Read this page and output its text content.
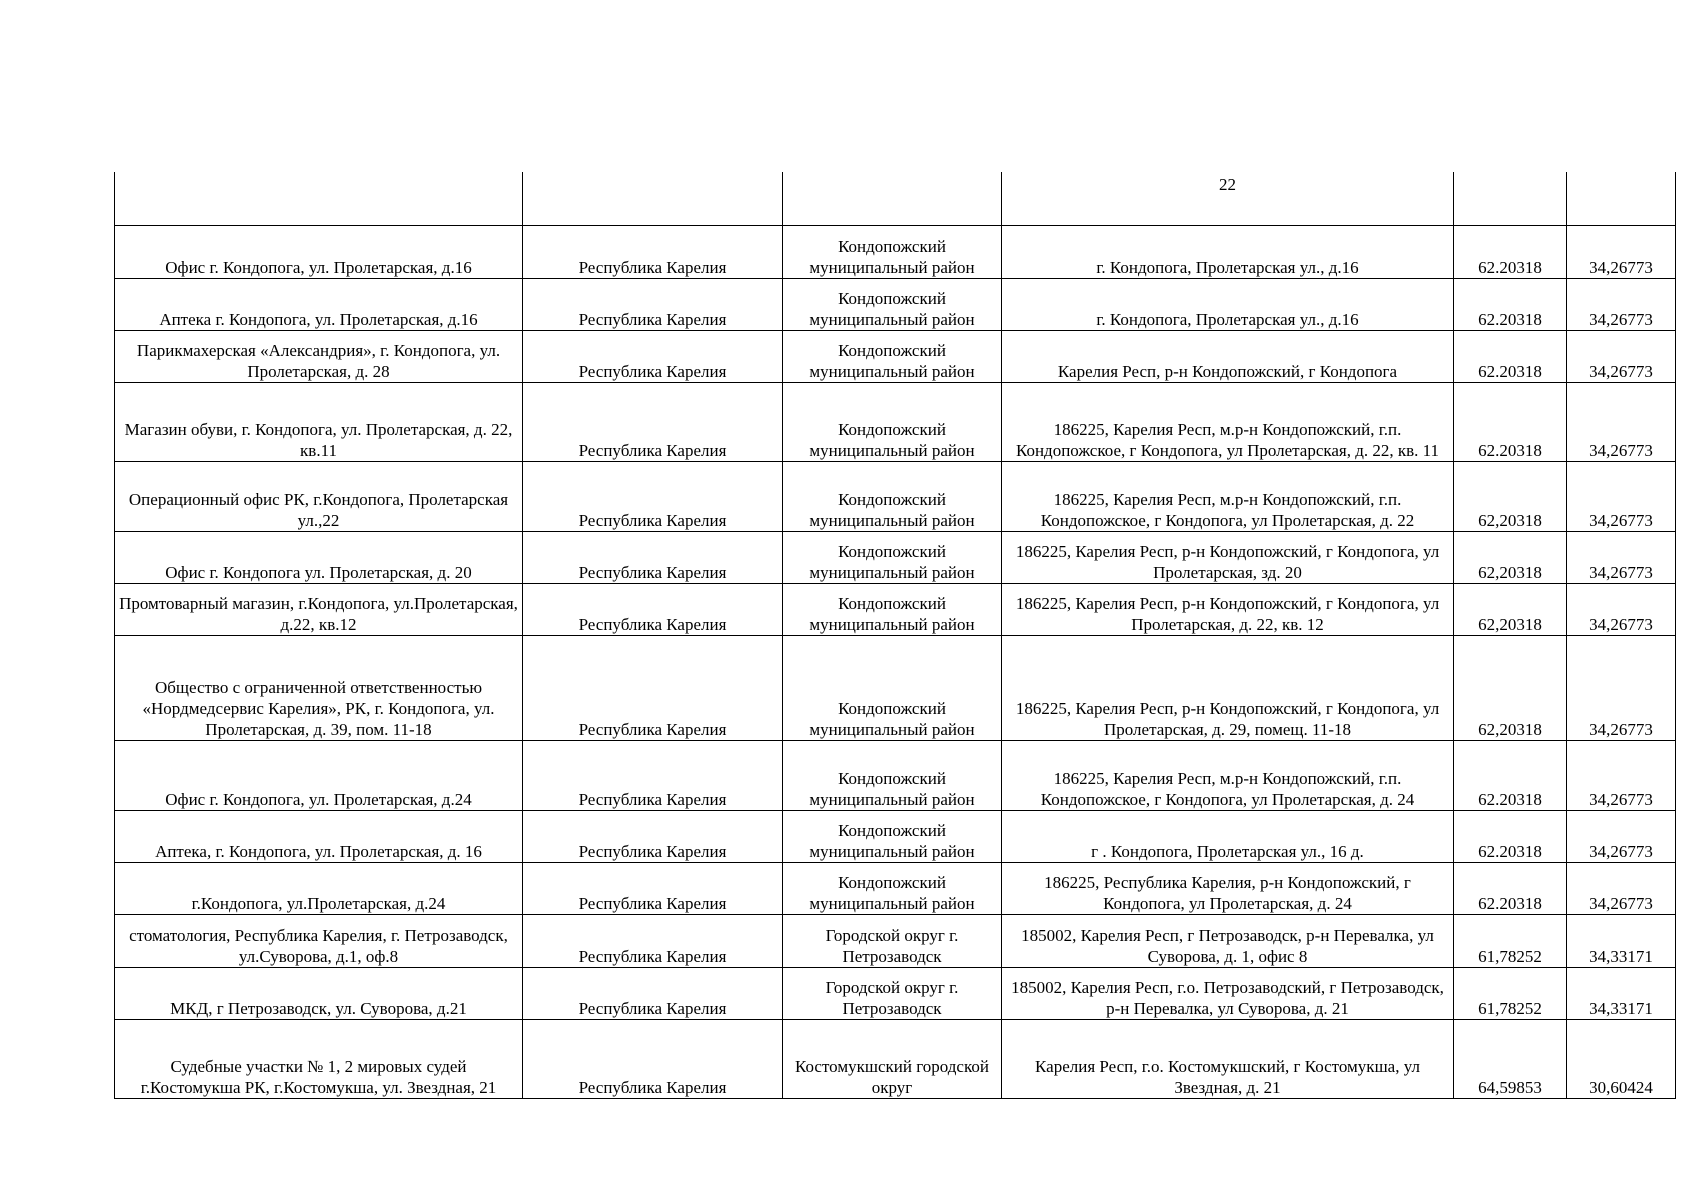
			22		
Офис г. Кондопога, ул. Пролетарская, д.16	Республика Карелия	Кондопожский муниципальный район	г. Кондопога, Пролетарская ул., д.16	62.20318	34,26773
Аптека г. Кондопога, ул. Пролетарская, д.16	Республика Карелия	Кондопожский муниципальный район	г. Кондопога, Пролетарская ул., д.16	62.20318	34,26773
Парикмахерская «Александрия», г. Кондопога, ул. Пролетарская, д. 28	Республика Карелия	Кондопожский муниципальный район	Карелия Респ, р-н Кондопожский, г Кондопога	62.20318	34,26773
Магазин обуви, г. Кондопога, ул. Пролетарская, д. 22, кв.11	Республика Карелия	Кондопожский муниципальный район	186225, Карелия Респ, м.р-н Кондопожский, г.п. Кондопожское, г Кондопога, ул Пролетарская, д. 22, кв. 11	62.20318	34,26773
Операционный офис РК, г.Кондопога, Пролетарская ул.,22	Республика Карелия	Кондопожский муниципальный район	186225, Карелия Респ, м.р-н Кондопожский, г.п. Кондопожское, г Кондопога, ул Пролетарская, д. 22	62,20318	34,26773
Офис г. Кондопога ул. Пролетарская, д. 20	Республика Карелия	Кондопожский муниципальный район	186225, Карелия Респ, р-н Кондопожский, г Кондопога, ул Пролетарская, зд. 20	62,20318	34,26773
Промтоварный магазин, г.Кондопога, ул.Пролетарская, д.22, кв.12	Республика Карелия	Кондопожский муниципальный район	186225, Карелия Респ, р-н Кондопожский, г Кондопога, ул Пролетарская, д. 22, кв. 12	62,20318	34,26773
Общество с ограниченной ответственностью «Нордмедсервис Карелия», РК, г. Кондопога, ул. Пролетарская, д. 39, пом. 11-18	Республика Карелия	Кондопожский муниципальный район	186225, Карелия Респ, р-н Кондопожский, г Кондопога, ул Пролетарская, д. 29, помещ. 11-18	62,20318	34,26773
Офис г. Кондопога, ул. Пролетарская, д.24	Республика Карелия	Кондопожский муниципальный район	186225, Карелия Респ, м.р-н Кондопожский, г.п. Кондопожское, г Кондопога, ул Пролетарская, д. 24	62.20318	34,26773
Аптека, г. Кондопога, ул. Пролетарская, д. 16	Республика Карелия	Кондопожский муниципальный район	г . Кондопога, Пролетарская ул., 16 д.	62.20318	34,26773
г.Кондопога, ул.Пролетарская, д.24	Республика Карелия	Кондопожский муниципальный район	186225, Республика Карелия, р-н Кондопожский, г Кондопога, ул Пролетарская, д. 24	62.20318	34,26773
стоматология, Республика Карелия, г. Петрозаводск, ул.Суворова, д.1, оф.8	Республика Карелия	Городской округ г. Петрозаводск	185002, Карелия Респ, г Петрозаводск, р-н Перевалка, ул Суворова, д. 1, офис 8	61,78252	34,33171
МКД, г Петрозаводск, ул. Суворова, д.21	Республика Карелия	Городской округ г. Петрозаводск	185002, Карелия Респ, г.о. Петрозаводский, г Петрозаводск, р-н Перевалка, ул Суворова, д. 21	61,78252	34,33171
Судебные участки № 1, 2 мировых судей г.Костомукша РК, г.Костомукша, ул. Звездная, 21	Республика Карелия	Костомукшский городской округ	Карелия Респ, г.о. Костомукшский, г Костомукша, ул Звездная, д. 21	64,59853	30,60424
